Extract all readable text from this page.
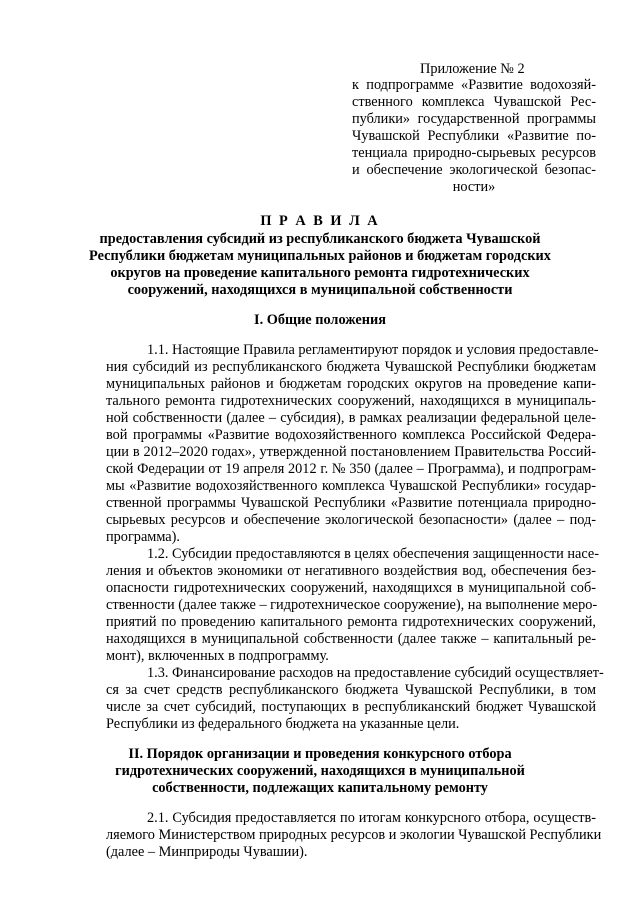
Приложение № 2
к подпрограмме «Развитие водохозяй-
ственного комплекса Чувашской Рес-
публики» государственной программы
Чувашской Республики «Развитие по-
тенциала природно-сырьевых ресурсов
и обеспечение экологической безопас-
ности»
П Р А В И Л А
предоставления субсидий из республиканского бюджета Чувашской
Республики бюджетам муниципальных районов и бюджетам городских
округов на проведение капитального ремонта гидротехнических
сооружений, находящихся в муниципальной собственности
I. Общие положения
1.1. Настоящие Правила регламентируют порядок и условия предоставле-
ния субсидий из республиканского бюджета Чувашской Республики бюджетам
муниципальных районов и бюджетам городских округов на проведение капи-
тального ремонта гидротехнических сооружений, находящихся в муниципаль-
ной собственности (далее – субсидия), в рамках реализации федеральной целе-
вой программы «Развитие водохозяйственного комплекса Российской Федера-
ции в 2012–2020 годах», утвержденной постановлением Правительства Россий-
ской Федерации от 19 апреля 2012 г. № 350 (далее – Программа), и подпрограм-
мы «Развитие водохозяйственного комплекса Чувашской Республики» государ-
ственной программы Чувашской Республики «Развитие потенциала природно-
сырьевых ресурсов и обеспечение экологической безопасности» (далее – под-
программа).
1.2. Субсидии предоставляются в целях обеспечения защищенности насе-
ления и объектов экономики от негативного воздействия вод, обеспечения без-
опасности гидротехнических сооружений, находящихся в муниципальной соб-
ственности (далее также – гидротехническое сооружение), на выполнение меро-
приятий по проведению капитального ремонта гидротехнических сооружений,
находящихся в муниципальной собственности (далее также – капитальный ре-
монт), включенных в подпрограмму.
1.3. Финансирование расходов на предоставление субсидий осуществляет-
ся за счет средств республиканского бюджета Чувашской Республики, в том
числе за счет субсидий, поступающих в республиканский бюджет Чувашской
Республики из федерального бюджета на указанные цели.
II. Порядок организации и проведения конкурсного отбора
гидротехнических сооружений, находящихся в муниципальной
собственности, подлежащих капитальному ремонту
2.1. Субсидия предоставляется по итогам конкурсного отбора, осуществ-
ляемого Министерством природных ресурсов и экологии Чувашской Республики
(далее – Минприроды Чувашии).
